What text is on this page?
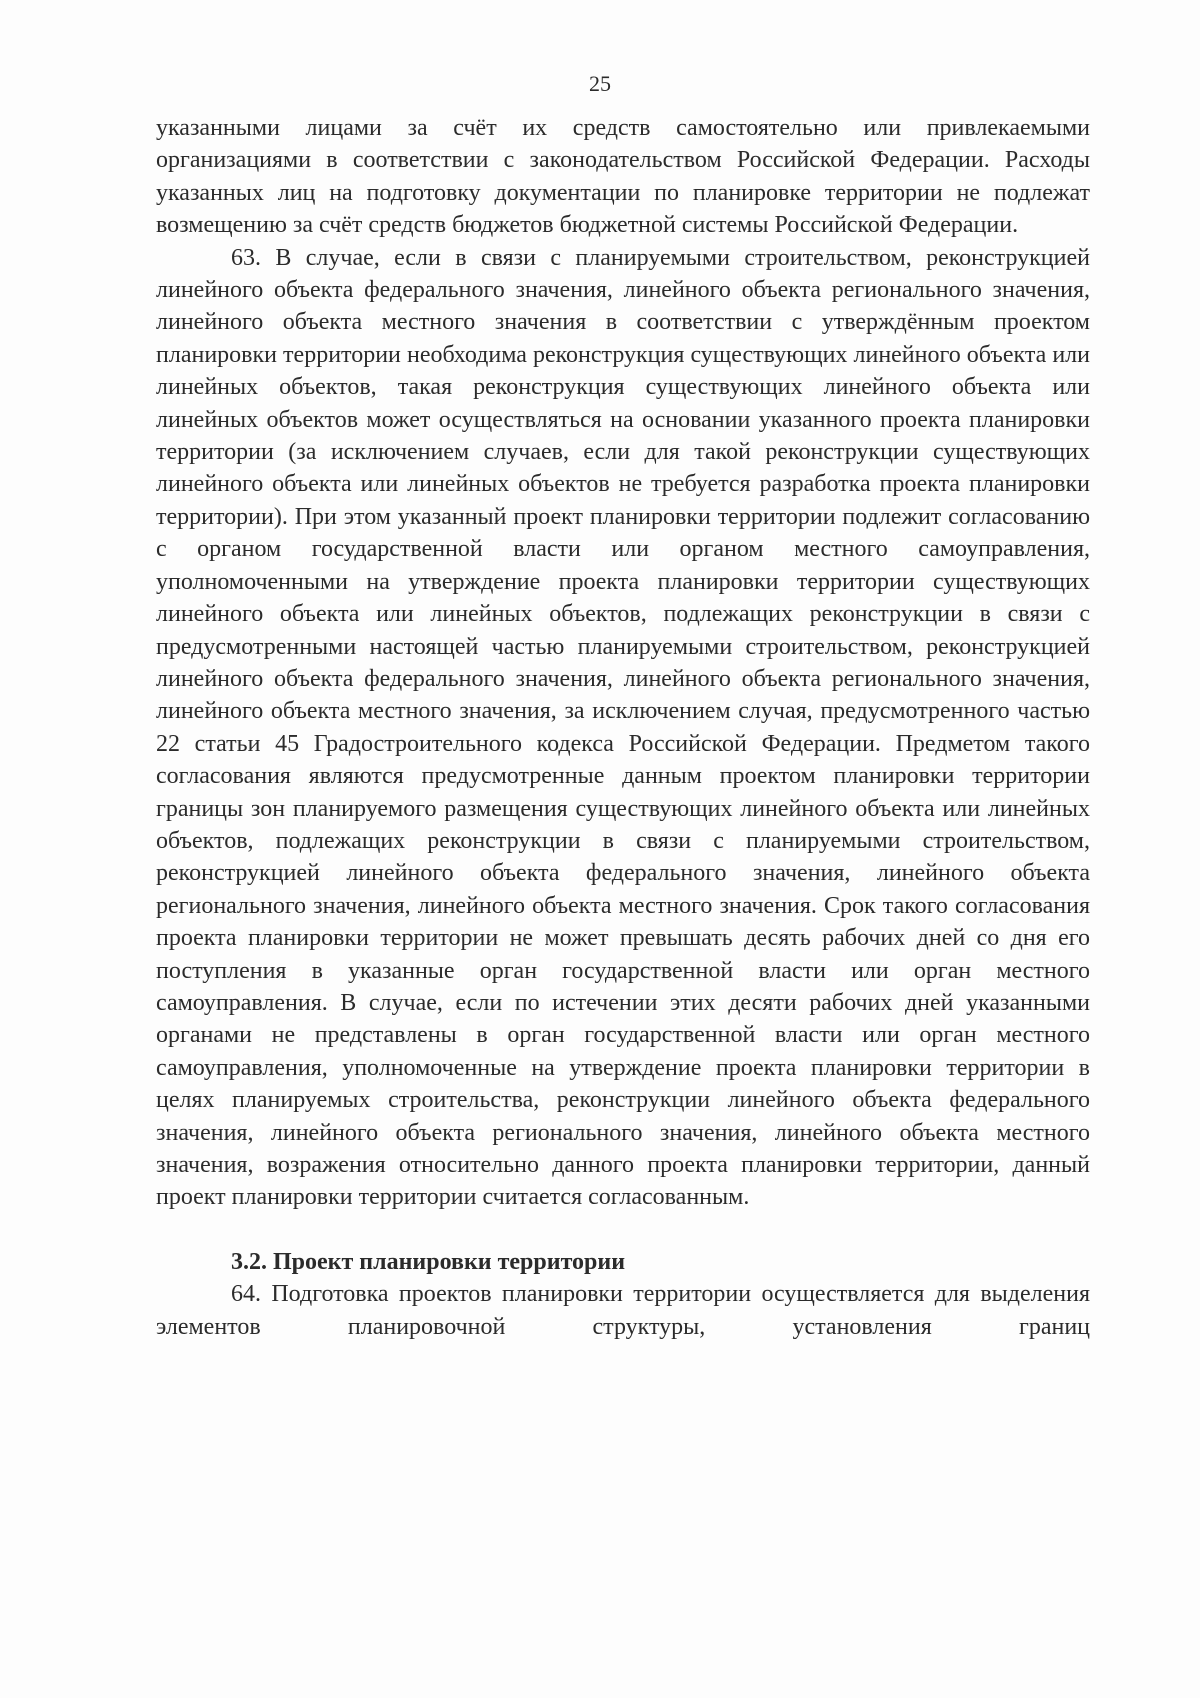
25

указанными лицами за счёт их средств самостоятельно или привлекаемыми организациями в соответствии с законодательством Российской Федерации. Расходы указанных лиц на подготовку документации по планировке территории не подлежат возмещению за счёт средств бюджетов бюджетной системы Российской Федерации.

63. В случае, если в связи с планируемыми строительством, реконструкцией линейного объекта федерального значения, линейного объекта регионального значения, линейного объекта местного значения в соответствии с утверждённым проектом планировки территории необходима реконструкция существующих линейного объекта или линейных объектов, такая реконструкция существующих линейного объекта или линейных объектов может осуществляться на основании указанного проекта планировки территории (за исключением случаев, если для такой реконструкции существующих линейного объекта или линейных объектов не требуется разработка проекта планировки территории). При этом указанный проект планировки территории подлежит согласованию с органом государственной власти или органом местного самоуправления, уполномоченными на утверждение проекта планировки территории существующих линейного объекта или линейных объектов, подлежащих реконструкции в связи с предусмотренными настоящей частью планируемыми строительством, реконструкцией линейного объекта федерального значения, линейного объекта регионального значения, линейного объекта местного значения, за исключением случая, предусмотренного частью 22 статьи 45 Градостроительного кодекса Российской Федерации. Предметом такого согласования являются предусмотренные данным проектом планировки территории границы зон планируемого размещения существующих линейного объекта или линейных объектов, подлежащих реконструкции в связи с планируемыми строительством, реконструкцией линейного объекта федерального значения, линейного объекта регионального значения, линейного объекта местного значения. Срок такого согласования проекта планировки территории не может превышать десять рабочих дней со дня его поступления в указанные орган государственной власти или орган местного самоуправления. В случае, если по истечении этих десяти рабочих дней указанными органами не представлены в орган государственной власти или орган местного самоуправления, уполномоченные на утверждение проекта планировки территории в целях планируемых строительства, реконструкции линейного объекта федерального значения, линейного объекта регионального значения, линейного объекта местного значения, возражения относительно данного проекта планировки территории, данный проект планировки территории считается согласованным.

3.2. Проект планировки территории

64. Подготовка проектов планировки территории осуществляется для выделения элементов планировочной структуры, установления границ
